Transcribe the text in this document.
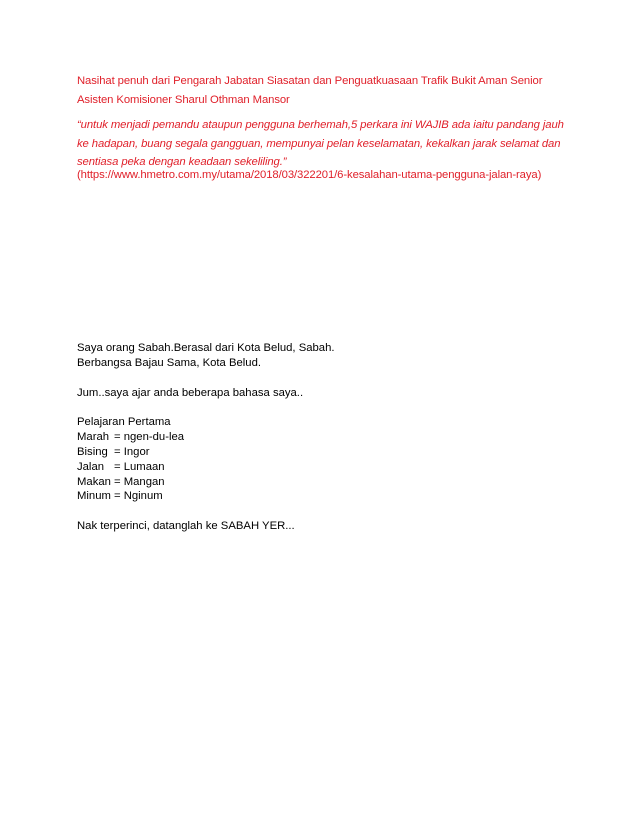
Nasihat penuh dari Pengarah Jabatan Siasatan dan Penguatkuasaan Trafik Bukit Aman Senior Asisten Komisioner Sharul Othman Mansor
“untuk menjadi pemandu ataupun pengguna berhemah,5 perkara ini WAJIB ada iaitu pandang jauh ke hadapan, buang segala gangguan, mempunyai pelan keselamatan, kekalkan jarak selamat dan sentiasa peka dengan keadaan sekeliling.”
(https://www.hmetro.com.my/utama/2018/03/322201/6-kesalahan-utama-pengguna-jalan-raya)
Saya orang Sabah.Berasal dari Kota Belud, Sabah.
Berbangsa Bajau Sama, Kota Belud.
Jum..saya ajar anda beberapa bahasa saya..
Pelajaran Pertama
Marah = ngen-du-lea
Bising = Ingor
Jalan = Lumaan
Makan = Mangan
Minum = Nginum
Nak terperinci, datanglah ke SABAH YER...
